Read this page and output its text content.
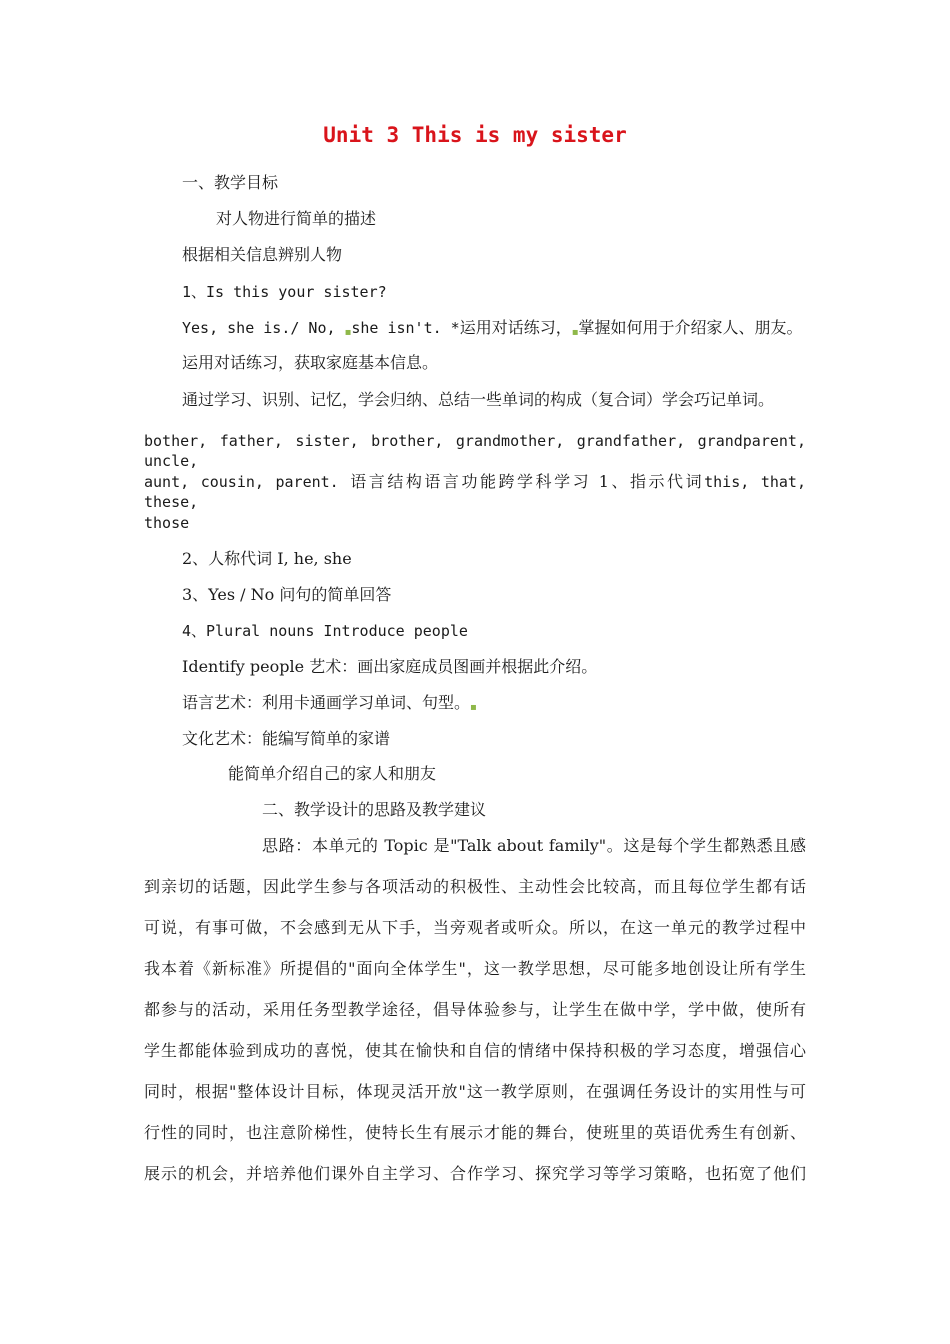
Unit 3 This is my sister
一、教学目标
对人物进行简单的描述
根据相关信息辨别人物
1、Is this your sister?
Yes, she is./ No, ▪she isn't. *运用对话练习，▪掌握如何用于介绍家人、朋友。
运用对话练习，获取家庭基本信息。
通过学习、识别、记忆，学会归纳、总结一些单词的构成（复合词）学会巧记单词。
bother, father, sister, brother, grandmother, grandfather, grandparent, uncle,
aunt, cousin, parent. 语言结构语言功能跨学科学习 1、指示代词this, that, these,
those
2、人称代词 I, he, she
3、Yes / No 问句的简单回答
4、Plural nouns Introduce people
Identify people 艺术：画出家庭成员图画并根据此介绍。
语言艺术：利用卡通画学习单词、句型。▪
文化艺术：能编写简单的家谱
能简单介绍自己的家人和朋友
二、教学设计的思路及教学建议
思路：本单元的 Topic 是"Talk about family"。这是每个学生都熟悉且感
到亲切的话题，因此学生参与各项活动的积极性、主动性会比较高，而且每位学生都有话
可说，有事可做，不会感到无从下手，当旁观者或听众。所以，在这一单元的教学过程中
我本着《新标准》所提倡的"面向全体学生"，这一教学思想，尽可能多地创设让所有学生
都参与的活动，采用任务型教学途径，倡导体验参与，让学生在做中学，学中做，使所有
学生都能体验到成功的喜悦，使其在愉快和自信的情绪中保持积极的学习态度，增强信心
同时，根据"整体设计目标，体现灵活开放"这一教学原则，在强调任务设计的实用性与可
行性的同时，也注意阶梯性，使特长生有展示才能的舞台，使班里的英语优秀生有创新、
展示的机会，并培养他们课外自主学习、合作学习、探究学习等学习策略，也拓宽了他们
